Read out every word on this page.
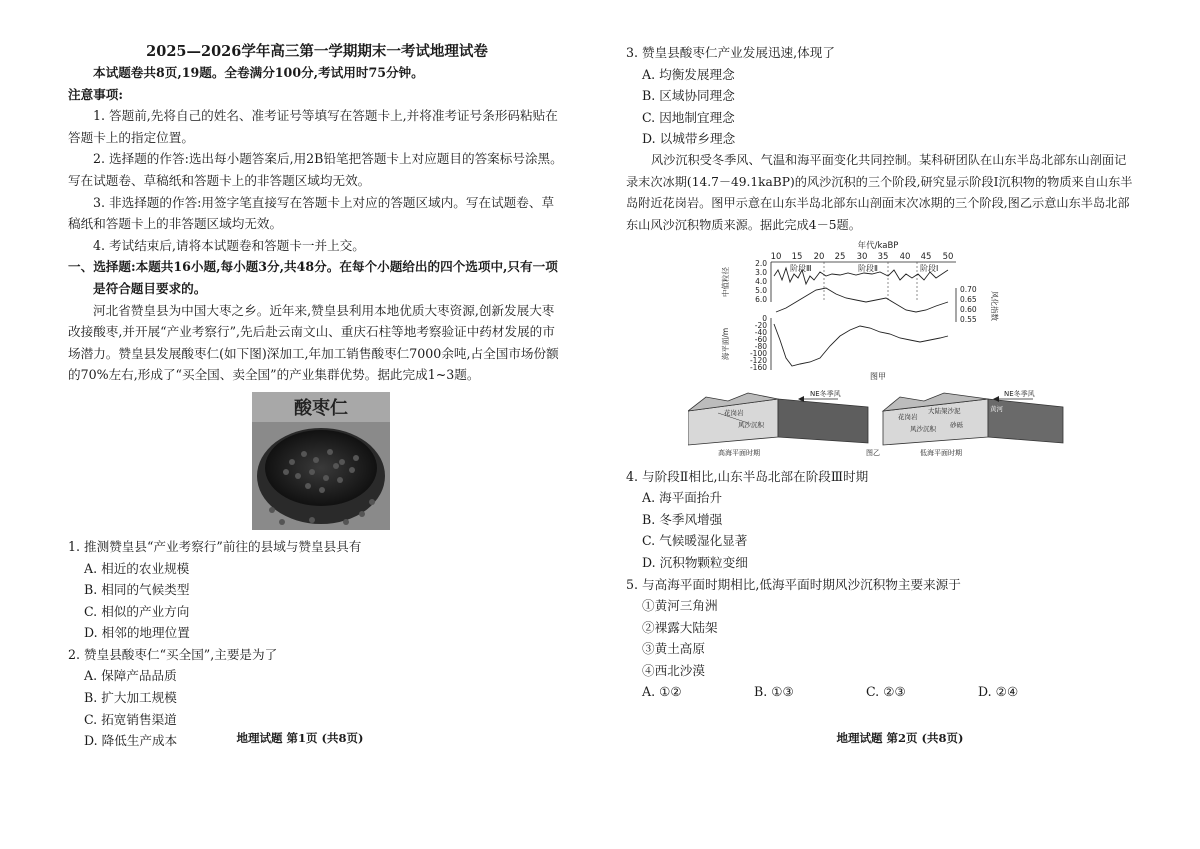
2025—2026学年高三第一学期期末一考试地理试卷

本试题卷共8页,19题。全卷满分100分,考试用时75分钟。

注意事项:

1. 答题前,先将自己的姓名、准考证号等填写在答题卡上,并将准考证号条形码粘贴在答题卡上的指定位置。

2. 选择题的作答:选出每小题答案后,用2B铅笔把答题卡上对应题目的答案标号涂黑。写在试题卷、草稿纸和答题卡上的非答题区域均无效。

3. 非选择题的作答:用签字笔直接写在答题卡上对应的答题区域内。写在试题卷、草稿纸和答题卡上的非答题区域均无效。

4. 考试结束后,请将本试题卷和答题卡一并上交。

一、选择题:本题共16小题,每小题3分,共48分。在每个小题给出的四个选项中,只有一项是符合题目要求的。

河北省赞皇县为中国大枣之乡。近年来,赞皇县利用本地优质大枣资源,创新发展大枣改接酸枣,并开展“产业考察行”,先后赴云南文山、重庆石柱等地考察验证中药材发展的市场潜力。赞皇县发展酸枣仁(如下图)深加工,年加工销售酸枣仁7000余吨,占全国市场份额的70%左右,形成了“买全国、卖全国”的产业集群优势。据此完成1~3题。

酸枣仁

1. 推测赞皇县“产业考察行”前往的县域与赞皇县具有

A. 相近的农业规模

B. 相同的气候类型

C. 相似的产业方向

D. 相邻的地理位置

2. 赞皇县酸枣仁“买全国”,主要是为了

A. 保障产品品质

B. 扩大加工规模

C. 拓宽销售渠道

D. 降低生产成本	地理试题 第1页 (共8页)

3. 赞皇县酸枣仁产业发展迅速,体现了

A. 均衡发展理念

B. 区域协同理念

C. 因地制宜理念

D. 以城带乡理念

风沙沉积受冬季风、气温和海平面变化共同控制。某科研团队在山东半岛北部东山剖面记录末次冰期(14.7－49.1kaBP)的风沙沉积的三个阶段,研究显示阶段Ⅰ沉积物的物质来自山东半岛附近花岗岩。图甲示意在山东半岛北部东山剖面末次冰期的三个阶段,图乙示意山东半岛北部东山风沙沉积物质来源。据此完成4－5题。

年代/kaBP
10 15 20 25 30 35 40 45 50
阶段Ⅲ	阶段Ⅱ	阶段Ⅰ
2.0
3.0
4.0
5.0
6.0
中值粒径	0.70
0.65
0.60
0.55 风化指数
0
-20
-40
-60
-80
-100
-120
-160
海平面/m
图甲
花岗岩
风沙沉积
NE冬季风
高海平面时期	图乙
花岗岩
大陆架沙泥
风沙沉积 砂砾
黄河
NE冬季风
低海平面时期

4. 与阶段Ⅱ相比,山东半岛北部在阶段Ⅲ时期

A. 海平面抬升

B. 冬季风增强

C. 气候暖湿化显著

D. 沉积物颗粒变细

5. 与高海平面时期相比,低海平面时期风沙沉积物主要来源于

①黄河三角洲

②裸露大陆架

③黄土高原

④西北沙漠

A. ①②	B. ①③	C. ②③	D. ②④
地理试题 第2页 (共8页)
